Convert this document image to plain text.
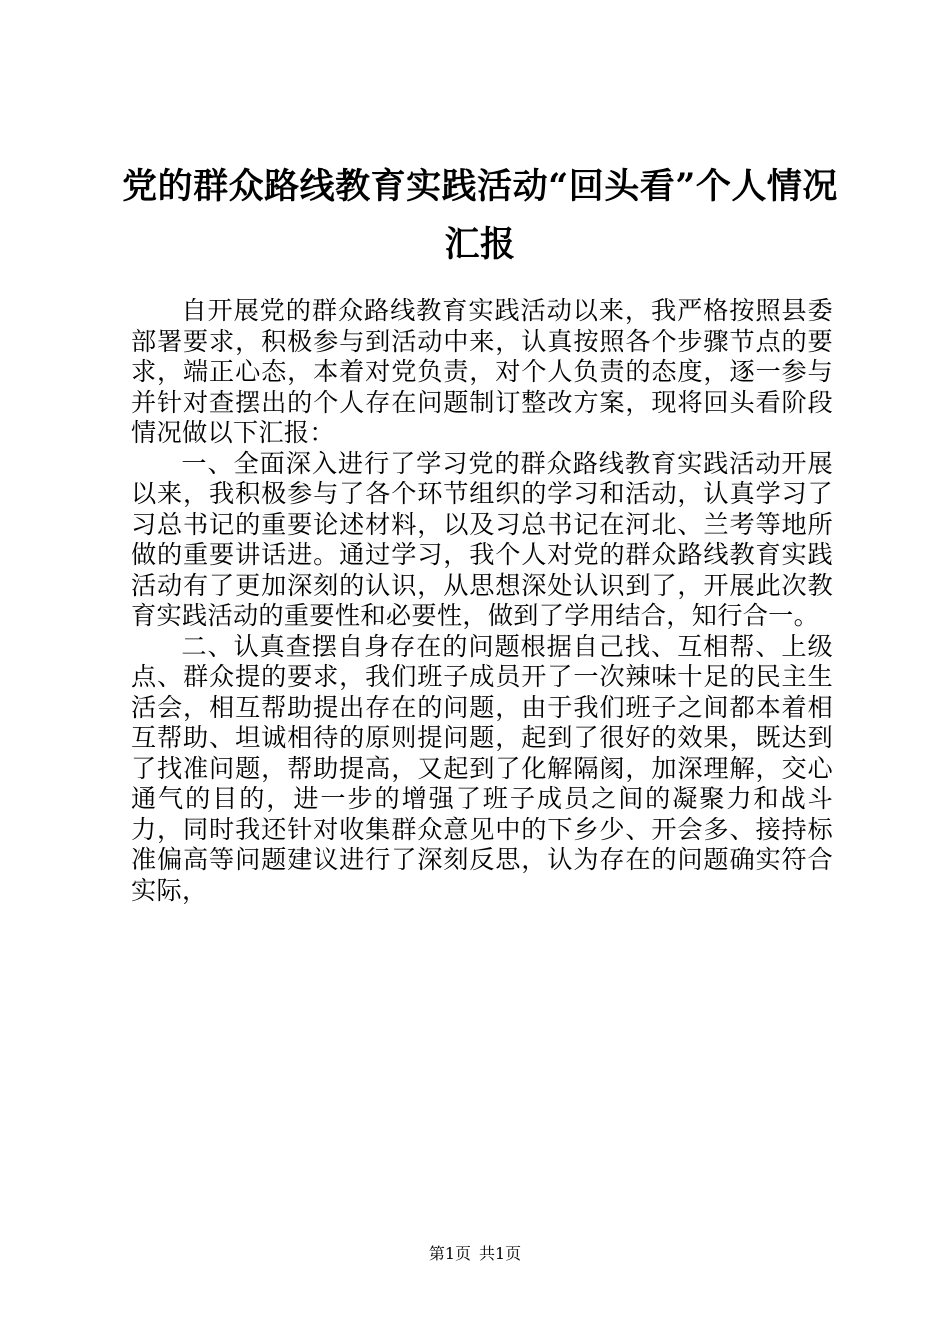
党的群众路线教育实践活动“回头看”个人情况汇报

自开展党的群众路线教育实践活动以来，我严格按照县委部署要求，积极参与到活动中来，认真按照各个步骤节点的要求，端正心态，本着对党负责，对个人负责的态度，逐一参与并针对查摆出的个人存在问题制订整改方案，现将回头看阶段情况做以下汇报：

一、全面深入进行了学习党的群众路线教育实践活动开展以来，我积极参与了各个环节组织的学习和活动，认真学习了习总书记的重要论述材料，以及习总书记在河北、兰考等地所做的重要讲话进。通过学习，我个人对党的群众路线教育实践活动有了更加深刻的认识，从思想深处认识到了，开展此次教育实践活动的重要性和必要性，做到了学用结合，知行合一。

二、认真查摆自身存在的问题根据自己找、互相帮、上级点、群众提的要求，我们班子成员开了一次辣味十足的民主生活会，相互帮助提出存在的问题，由于我们班子之间都本着相互帮助、坦诚相待的原则提问题，起到了很好的效果，既达到了找准问题，帮助提高，又起到了化解隔阂，加深理解，交心通气的目的，进一步的增强了班子成员之间的凝聚力和战斗力，同时我还针对收集群众意见中的下乡少、开会多、接持标准偏高等问题建议进行了深刻反思，认为存在的问题确实符合实际，

第1页 共1页
